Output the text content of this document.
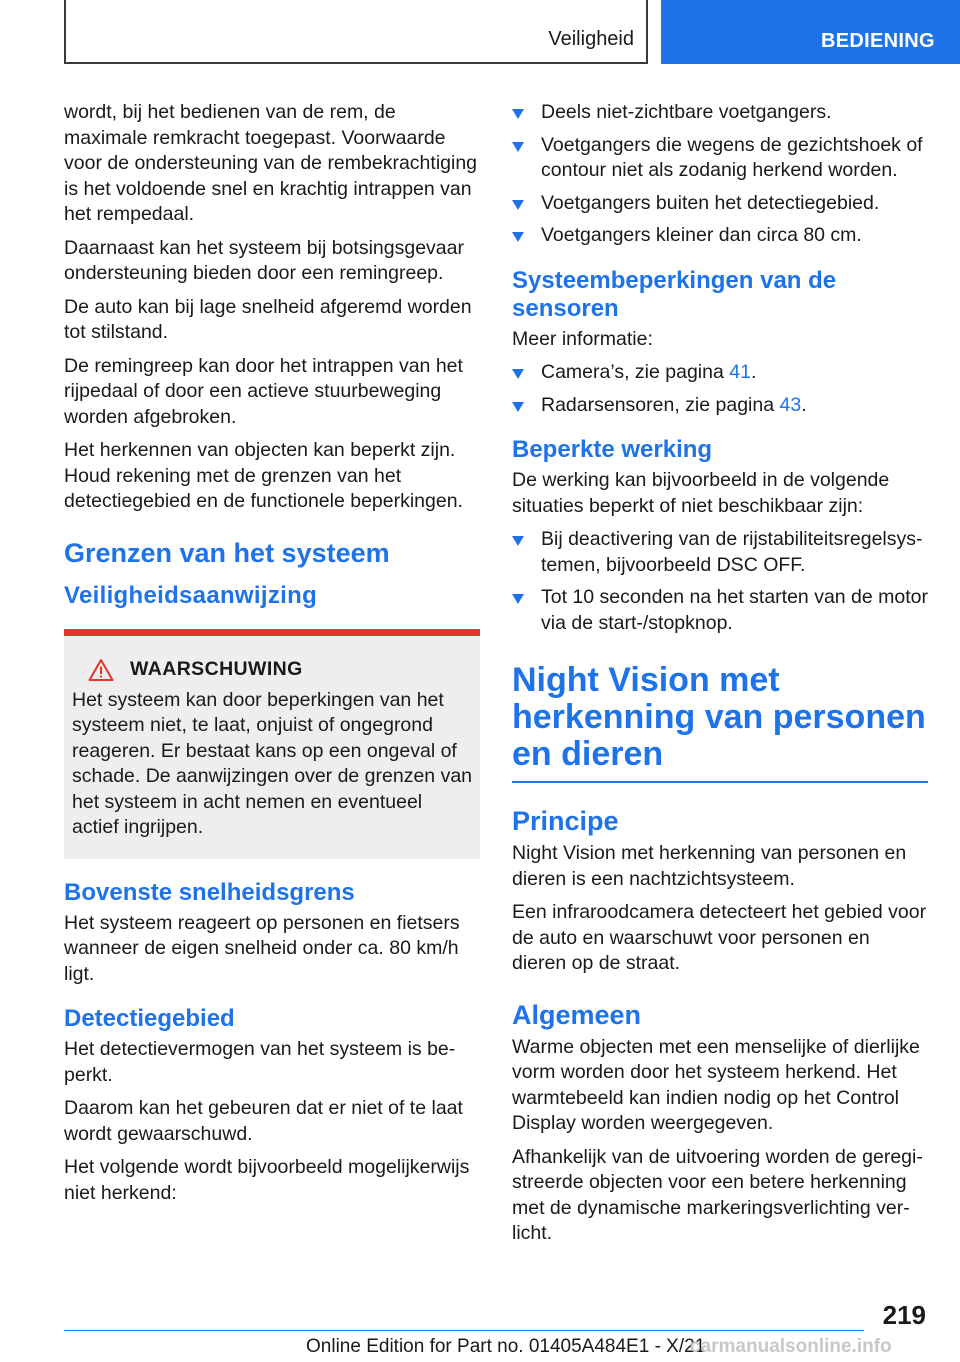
Veiligheid	BEDIENING

wordt, bij het bedienen van de rem, de maximale remkracht toegepast. Voorwaarde voor de ondersteuning van de rembekrachtiging is het voldoende snel en krachtig intrappen van het rempedaal.

Daarnaast kan het systeem bij botsingsgevaar ondersteuning bieden door een remingreep.

De auto kan bij lage snelheid afgeremd worden tot stilstand.

De remingreep kan door het intrappen van het rijpedaal of door een actieve stuurbeweging worden afgebroken.

Het herkennen van objecten kan beperkt zijn. Houd rekening met de grenzen van het detectiegebied en de functionele beperkingen.

Grenzen van het systeem
Veiligheidsaanwijzing
WAARSCHUWING

Het systeem kan door beperkingen van het systeem niet, te laat, onjuist of ongegrond reageren. Er bestaat kans op een ongeval of schade. De aanwijzingen over de grenzen van het systeem in acht nemen en eventueel actief ingrijpen.

Bovenste snelheidsgrens

Het systeem reageert op personen en fietsers wanneer de eigen snelheid onder ca. 80 km/h ligt.

Detectiegebied

Het detectievermogen van het systeem is beperkt.

Daarom kan het gebeuren dat er niet of te laat wordt gewaarschuwd.

Het volgende wordt bijvoorbeeld mogelijkerwijs niet herkend:

Deels niet-zichtbare voetgangers.
Voetgangers die wegens de gezichtshoek of contour niet als zodanig herkend worden.
Voetgangers buiten het detectiegebied.
Voetgangers kleiner dan circa 80 cm.
Systeembeperkingen van de sensoren

Meer informatie:

Camera’s, zie pagina 41.
Radarsensoren, zie pagina 43.
Beperkte werking

De werking kan bijvoorbeeld in de volgende situaties beperkt of niet beschikbaar zijn:

Bij deactivering van de rijstabiliteitsregelsystemen, bijvoorbeeld DSC OFF.
Tot 10 seconden na het starten van de motor via de start-/stopknop.
Night Vision met herkenning van personen en dieren
Principe

Night Vision met herkenning van personen en dieren is een nachtzichtsysteem.

Een infraroodcamera detecteert het gebied voor de auto en waarschuwt voor personen en dieren op de straat.

Algemeen

Warme objecten met een menselijke of dierlijke vorm worden door het systeem herkend. Het warmtebeeld kan indien nodig op het Control Display worden weergegeven.

Afhankelijk van de uitvoering worden de geregistreerde objecten voor een betere herkenning met de dynamische markeringsverlichting verlicht.

219
Online Edition for Part no. 01405A484E1 - X/21
carmanualsonline.info
